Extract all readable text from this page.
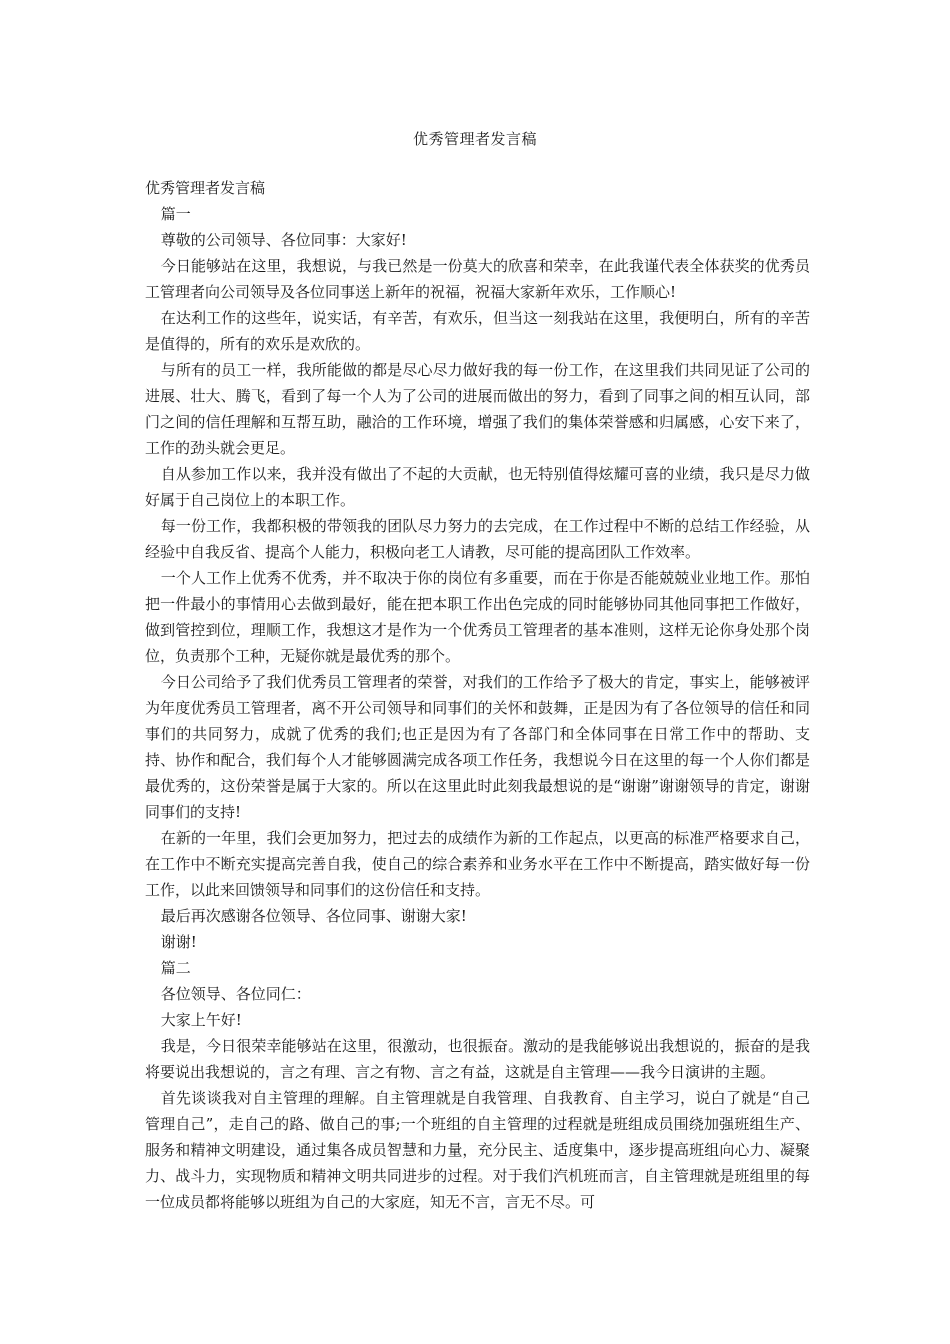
优秀管理者发言稿

优秀管理者发言稿

篇一

尊敬的公司领导、各位同事：大家好!

今日能够站在这里，我想说，与我已然是一份莫大的欣喜和荣幸，在此我谨代表全体获奖的优秀员工管理者向公司领导及各位同事送上新年的祝福，祝福大家新年欢乐，工作顺心!

在达利工作的这些年，说实话，有辛苦，有欢乐，但当这一刻我站在这里，我便明白，所有的辛苦是值得的，所有的欢乐是欢欣的。

与所有的员工一样，我所能做的都是尽心尽力做好我的每一份工作，在这里我们共同见证了公司的进展、壮大、腾飞，看到了每一个人为了公司的进展而做出的努力，看到了同事之间的相互认同，部门之间的信任理解和互帮互助，融洽的工作环境，增强了我们的集体荣誉感和归属感，心安下来了，工作的劲头就会更足。

自从参加工作以来，我并没有做出了不起的大贡献，也无特别值得炫耀可喜的业绩，我只是尽力做好属于自己岗位上的本职工作。

每一份工作，我都积极的带领我的团队尽力努力的去完成，在工作过程中不断的总结工作经验，从经验中自我反省、提高个人能力，积极向老工人请教，尽可能的提高团队工作效率。

一个人工作上优秀不优秀，并不取决于你的岗位有多重要，而在于你是否能兢兢业业地工作。那怕把一件最小的事情用心去做到最好，能在把本职工作出色完成的同时能够协同其他同事把工作做好，做到管控到位，理顺工作，我想这才是作为一个优秀员工管理者的基本准则，这样无论你身处那个岗位，负责那个工种，无疑你就是最优秀的那个。

今日公司给予了我们优秀员工管理者的荣誉，对我们的工作给予了极大的肯定，事实上，能够被评为年度优秀员工管理者，离不开公司领导和同事们的关怀和鼓舞，正是因为有了各位领导的信任和同事们的共同努力，成就了优秀的我们;也正是因为有了各部门和全体同事在日常工作中的帮助、支持、协作和配合，我们每个人才能够圆满完成各项工作任务，我想说今日在这里的每一个人你们都是最优秀的，这份荣誉是属于大家的。所以在这里此时此刻我最想说的是“谢谢”谢谢领导的肯定，谢谢同事们的支持!

在新的一年里，我们会更加努力，把过去的成绩作为新的工作起点，以更高的标准严格要求自己，在工作中不断充实提高完善自我，使自己的综合素养和业务水平在工作中不断提高，踏实做好每一份工作，以此来回馈领导和同事们的这份信任和支持。

最后再次感谢各位领导、各位同事、谢谢大家!

谢谢!

篇二

各位领导、各位同仁：

大家上午好!

我是，今日很荣幸能够站在这里，很激动，也很振奋。激动的是我能够说出我想说的，振奋的是我将要说出我想说的，言之有理、言之有物、言之有益，这就是自主管理——我今日演讲的主题。

首先谈谈我对自主管理的理解。自主管理就是自我管理、自我教育、自主学习，说白了就是“自己管理自己”，走自己的路、做自己的事;一个班组的自主管理的过程就是班组成员围绕加强班组生产、服务和精神文明建设，通过集各成员智慧和力量，充分民主、适度集中，逐步提高班组向心力、凝聚力、战斗力，实现物质和精神文明共同进步的过程。对于我们汽机班而言，自主管理就是班组里的每一位成员都将能够以班组为自己的大家庭，知无不言，言无不尽。可
